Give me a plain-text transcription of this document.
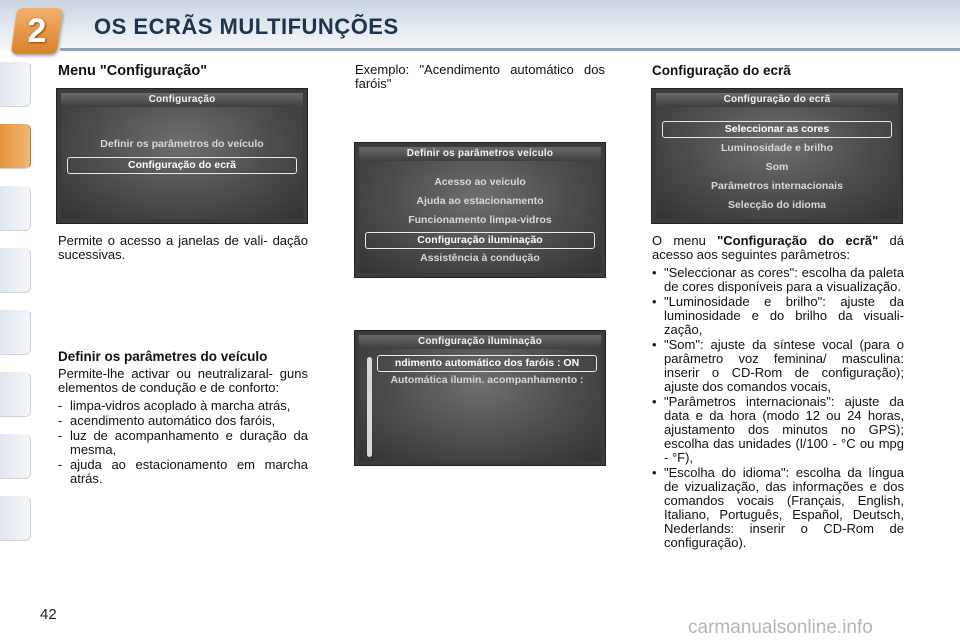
2	OS ECRÃS MULTIFUNÇÕES
Menu "Configuração"
Configuração
Definir os parâmetros do veículo
Configuração do ecrã
Permite o acesso a janelas de vali- dação sucessivas.
Definir os parâmetres do veículo
Permite-lhe activar ou neutralizaral- guns elementos de condução e de conforto:
- limpa-vidros acoplado à marcha atrás,
- acendimento automático dos faróis,
- luz de acompanhamento e duração da mesma,
- ajuda ao estacionamento em marcha atrás.
Exemplo: "Acendimento automático dos faróis"
Definir os parâmetros veículo
Acesso ao veículo
Ajuda ao estacionamento
Funcionamento limpa-vidros
Configuração iluminação
Assistência à condução
Configuração iluminação
ndimento automático dos faróis : ON
Automática ilumin. acompanhamento :
Configuração do ecrã
Configuração do ecrã
Seleccionar as cores
Luminosidade e brilho
Som
Parâmetros internacionais
Selecção do idioma
O menu "Configuração do ecrã" dá acesso aos seguintes parâmetros:
• "Seleccionar as cores": escolha da paleta de cores disponíveis para a visualização.
• "Luminosidade e brilho": ajuste da luminosidade e do brilho da visuali- zação,
• "Som": ajuste da síntese vocal (para o parâmetro voz feminina/ masculina: inserir o CD-Rom de configuração); ajuste dos comandos vocais,
• "Parâmetros internacionais": ajuste da data e da hora (modo 12 ou 24 horas, ajustamento dos minutos no GPS); escolha das unidades (l/100 - °C ou mpg - °F),
• "Escolha do idioma": escolha da língua de vizualização, das informações e dos comandos vocais (Français, English, Italiano, Português, Español, Deutsch, Nederlands: inserir o CD-Rom de configuração).
42
carmanualsonline.info
